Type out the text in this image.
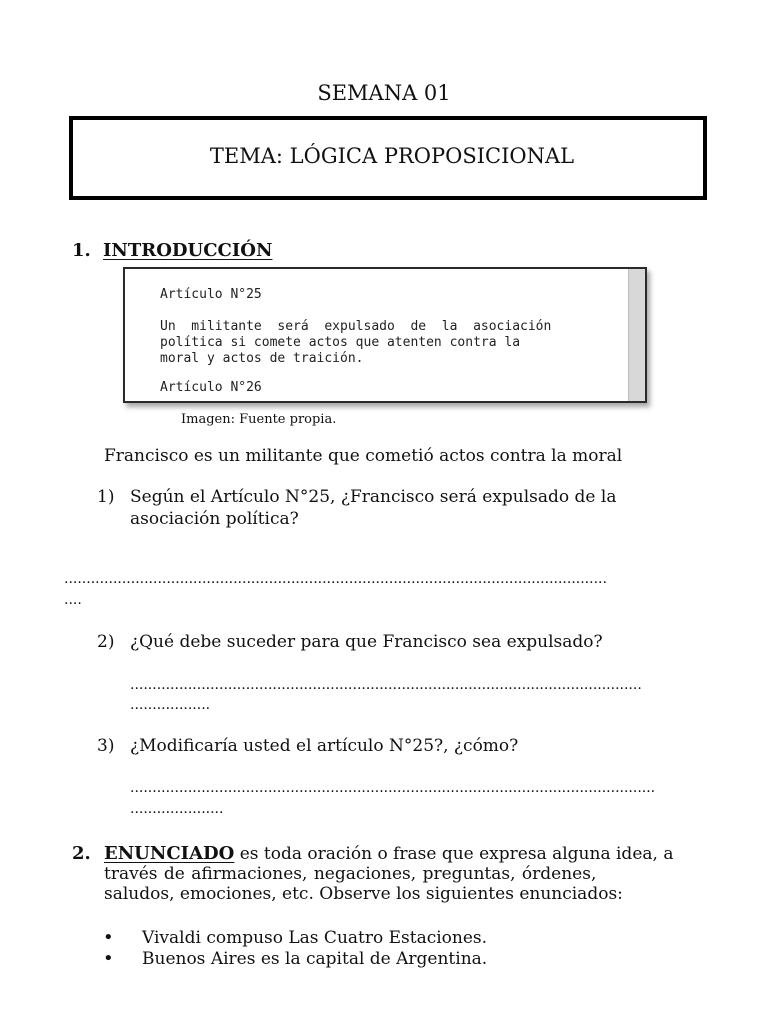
SEMANA 01
TEMA: LÓGICA PROPOSICIONAL
1. INTRODUCCIÓN
Artículo N°25
Un  militante  será  expulsado  de  la  asociación
política si comete actos que atenten contra la
moral y actos de traición.
Artículo N°26
Imagen: Fuente propia.
Francisco es un militante que cometió actos contra la moral
1) Según el Artículo N°25, ¿Francisco será expulsado de la
asociación política?
..........................................................................................................................
....
2) ¿Qué debe suceder para que Francisco sea expulsado?
...................................................................................................................
..................
3) ¿Modificaría usted el artículo N°25?, ¿cómo?
......................................................................................................................
.....................
2. ENUNCIADO es toda oración o frase que expresa alguna idea, a
través de afirmaciones, negaciones, preguntas, órdenes,
saludos, emociones, etc. Observe los siguientes enunciados:
• Vivaldi compuso Las Cuatro Estaciones.
• Buenos Aires es la capital de Argentina.
